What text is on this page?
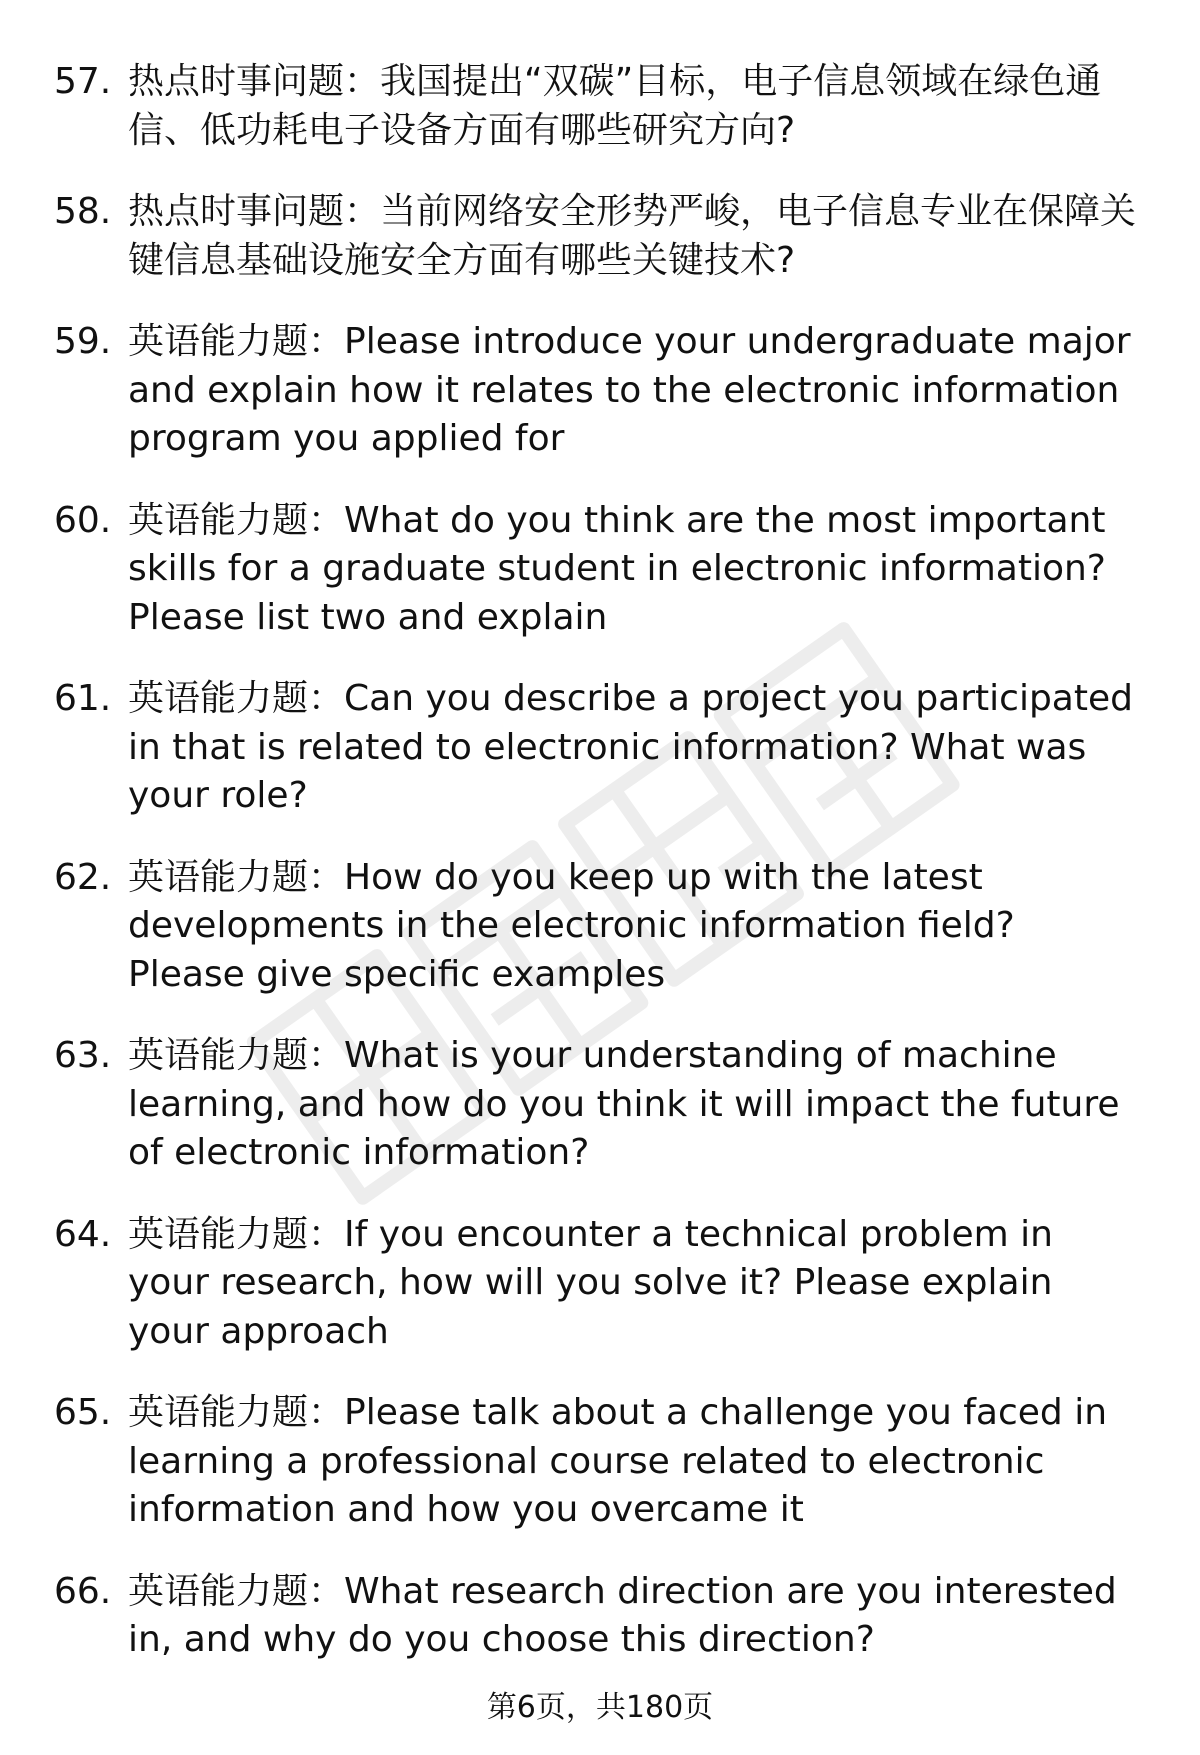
57. 热点时事问题：我国提出“双碳”目标，电子信息领域在绿色通信、低功耗电子设备方面有哪些研究方向?
58. 热点时事问题：当前网络安全形势严峻，电子信息专业在保障关键信息基础设施安全方面有哪些关键技术?
59. 英语能力题：Please introduce your undergraduate major and explain how it relates to the electronic information program you applied for
60. 英语能力题：What do you think are the most important skills for a graduate student in electronic information? Please list two and explain
61. 英语能力题：Can you describe a project you participated in that is related to electronic information? What was your role?
62. 英语能力题：How do you keep up with the latest developments in the electronic information field? Please give specific examples
63. 英语能力题：What is your understanding of machine learning, and how do you think it will impact the future of electronic information?
64. 英语能力题：If you encounter a technical problem in your research, how will you solve it? Please explain your approach
65. 英语能力题：Please talk about a challenge you faced in learning a professional course related to electronic information and how you overcame it
66. 英语能力题：What research direction are you interested in, and why do you choose this direction?
第6页，共180页
